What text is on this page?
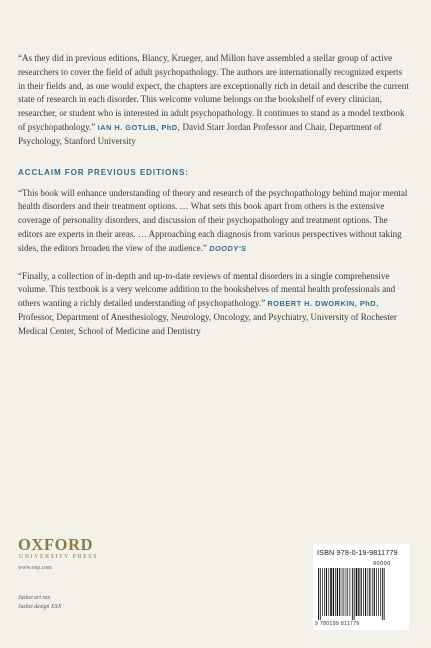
“As they did in previous editions, Blancy, Krueger, and Millon have assembled a stellar group of active researchers to cover the field of adult psychopathology. The authors are internationally recognized experts in their fields and, as one would expect, the chapters are exceptionally rich in detail and describe the current state of research in each disorder. This welcome volume belongs on the bookshelf of every clinician, researcher, or student who is interested in adult psychopathology. It continues to stand as a model textbook of psychopathology.” IAN H. GOTLIB, PhD, David Starr Jordan Professor and Chair, Department of Psychology, Stanford University

ACCLAIM FOR PREVIOUS EDITIONS:

“This book will enhance understanding of theory and research of the psychopathology behind major mental health disorders and their treatment options. … What sets this book apart from others is the extensive coverage of personality disorders, and discussion of their psychopathology and treatment options. The editors are experts in their areas. … Approaching each diagnosis from various perspectives without taking sides, the editors broaden the view of the audience.” DOODY'S

“Finally, a collection of in-depth and up-to-date reviews of mental disorders in a single comprehensive volume. This textbook is a very welcome addition to the bookshelves of mental health professionals and others wanting a richly detailed understanding of psychopathology.” ROBERT H. DWORKIN, PhD, Professor, Department of Anesthesiology, Neurology, Oncology, and Psychiatry, University of Rochester Medical Center, School of Medicine and Dentistry

OXFORD
UNIVERSITY PRESS
www.oup.com
Jacket art xxx
Jacket design XXX
ISBN 978-0-19-9811779
90000
9 780199 811779
